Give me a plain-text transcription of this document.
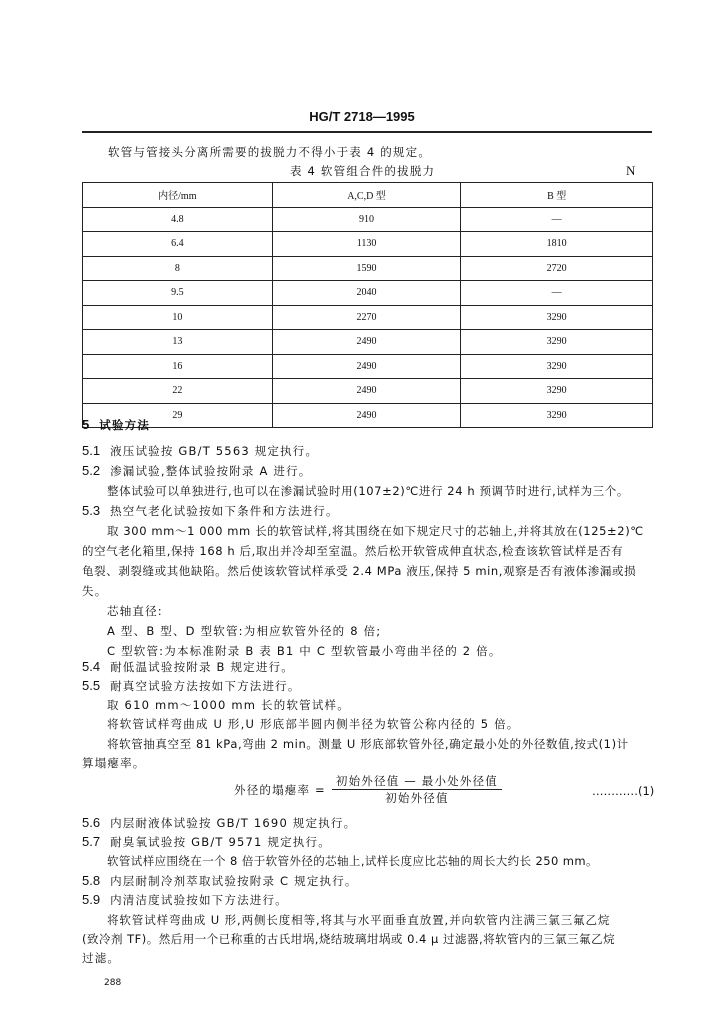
HG/T 2718—1995
软管与管接头分离所需要的拔脱力不得小于表 4 的规定。
表 4 软管组合件的拔脱力	N
内径/mm	A,C,D 型	B 型
4.8	910	—
6.4	1130	1810
8	1590	2720
9.5	2040	—
10	2270	3290
13	2490	3290
16	2490	3290
22	2490	3290
29	2490	3290
5 试验方法
5.1 液压试验按 GB/T 5563 规定执行。
5.2 渗漏试验,整体试验按附录 A 进行。
整体试验可以单独进行,也可以在渗漏试验时用(107±2)℃进行 24 h 预调节时进行,试样为三个。
5.3 热空气老化试验按如下条件和方法进行。
取 300 mm～1 000 mm 长的软管试样,将其围绕在如下规定尺寸的芯轴上,并将其放在(125±2)℃
的空气老化箱里,保持 168 h 后,取出并冷却至室温。然后松开软管成伸直状态,检查该软管试样是否有
龟裂、剥裂缝或其他缺陷。然后使该软管试样承受 2.4 MPa 液压,保持 5 min,观察是否有液体渗漏或损
失。
芯轴直径:
A 型、B 型、D 型软管:为相应软管外径的 8 倍;
C 型软管:为本标准附录 B 表 B1 中 C 型软管最小弯曲半径的 2 倍。
5.4 耐低温试验按附录 B 规定进行。
5.5 耐真空试验方法按如下方法进行。
取 610 mm～1000 mm 长的软管试样。
将软管试样弯曲成 U 形,U 形底部半圆内侧半径为软管公称内径的 5 倍。
将软管抽真空至 81 kPa,弯曲 2 min。测量 U 形底部软管外径,确定最小处的外径数值,按式(1)计
算塌瘪率。
外径的塌瘪率 =
初始外径值 — 最小处外径值
初始外径值	…………(1)
5.6 内层耐液体试验按 GB/T 1690 规定执行。
5.7 耐臭氧试验按 GB/T 9571 规定执行。
软管试样应围绕在一个 8 倍于软管外径的芯轴上,试样长度应比芯轴的周长大约长 250 mm。
5.8 内层耐制冷剂萃取试验按附录 C 规定执行。
5.9 内清洁度试验按如下方法进行。
将软管试样弯曲成 U 形,两侧长度相等,将其与水平面垂直放置,并向软管内注满三氯三氟乙烷
(致冷剂 TF)。然后用一个已称重的古氏坩埚,烧结玻璃坩埚或 0.4 μ 过滤器,将软管内的三氯三氟乙烷
过滤。
288
